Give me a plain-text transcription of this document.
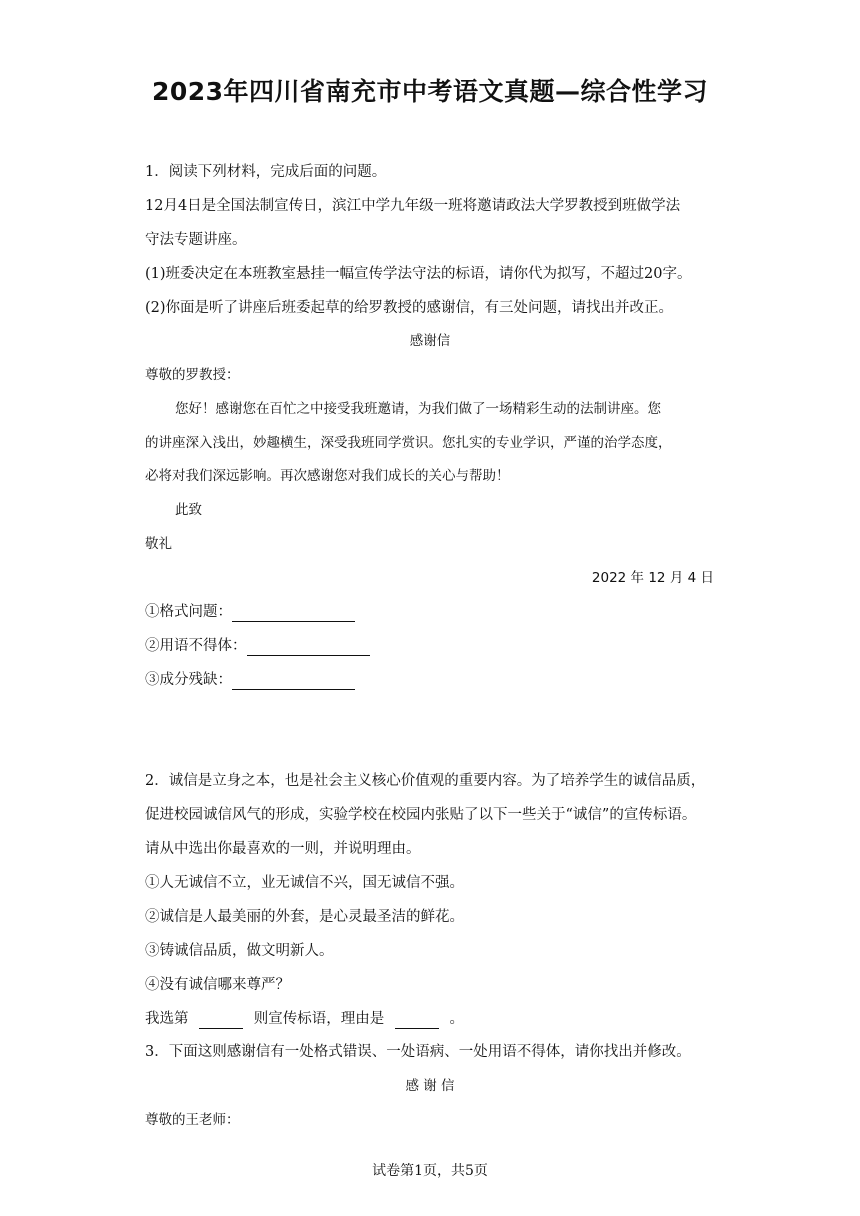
2023年四川省南充市中考语文真题—综合性学习
1．阅读下列材料，完成后面的问题。
12月4日是全国法制宣传日，滨江中学九年级一班将邀请政法大学罗教授到班做学法
守法专题讲座。
(1)班委决定在本班教室悬挂一幅宣传学法守法的标语，请你代为拟写，不超过20字。
(2)你面是听了讲座后班委起草的给罗教授的感谢信，有三处问题，请找出并改正。
感谢信
尊敬的罗教授：
您好！感谢您在百忙之中接受我班邀请，为我们做了一场精彩生动的法制讲座。您
的讲座深入浅出，妙趣横生，深受我班同学赏识。您扎实的专业学识，严谨的治学态度，
必将对我们深远影响。再次感谢您对我们成长的关心与帮助！
此致
敬礼
2022 年 12 月 4 日
①格式问题：
②用语不得体：
③成分残缺：
2．诚信是立身之本，也是社会主义核心价值观的重要内容。为了培养学生的诚信品质，
促进校园诚信风气的形成，实验学校在校园内张贴了以下一些关于“诚信”的宣传标语。
请从中选出你最喜欢的一则，并说明理由。
①人无诚信不立，业无诚信不兴，国无诚信不强。
②诚信是人最美丽的外套，是心灵最圣洁的鲜花。
③铸诚信品质，做文明新人。
④没有诚信哪来尊严？
我选第	则宣传标语，理由是	。
3．下面这则感谢信有一处格式错误、一处语病、一处用语不得体，请你找出并修改。
感 谢 信
尊敬的王老师：
试卷第1页，共5页
